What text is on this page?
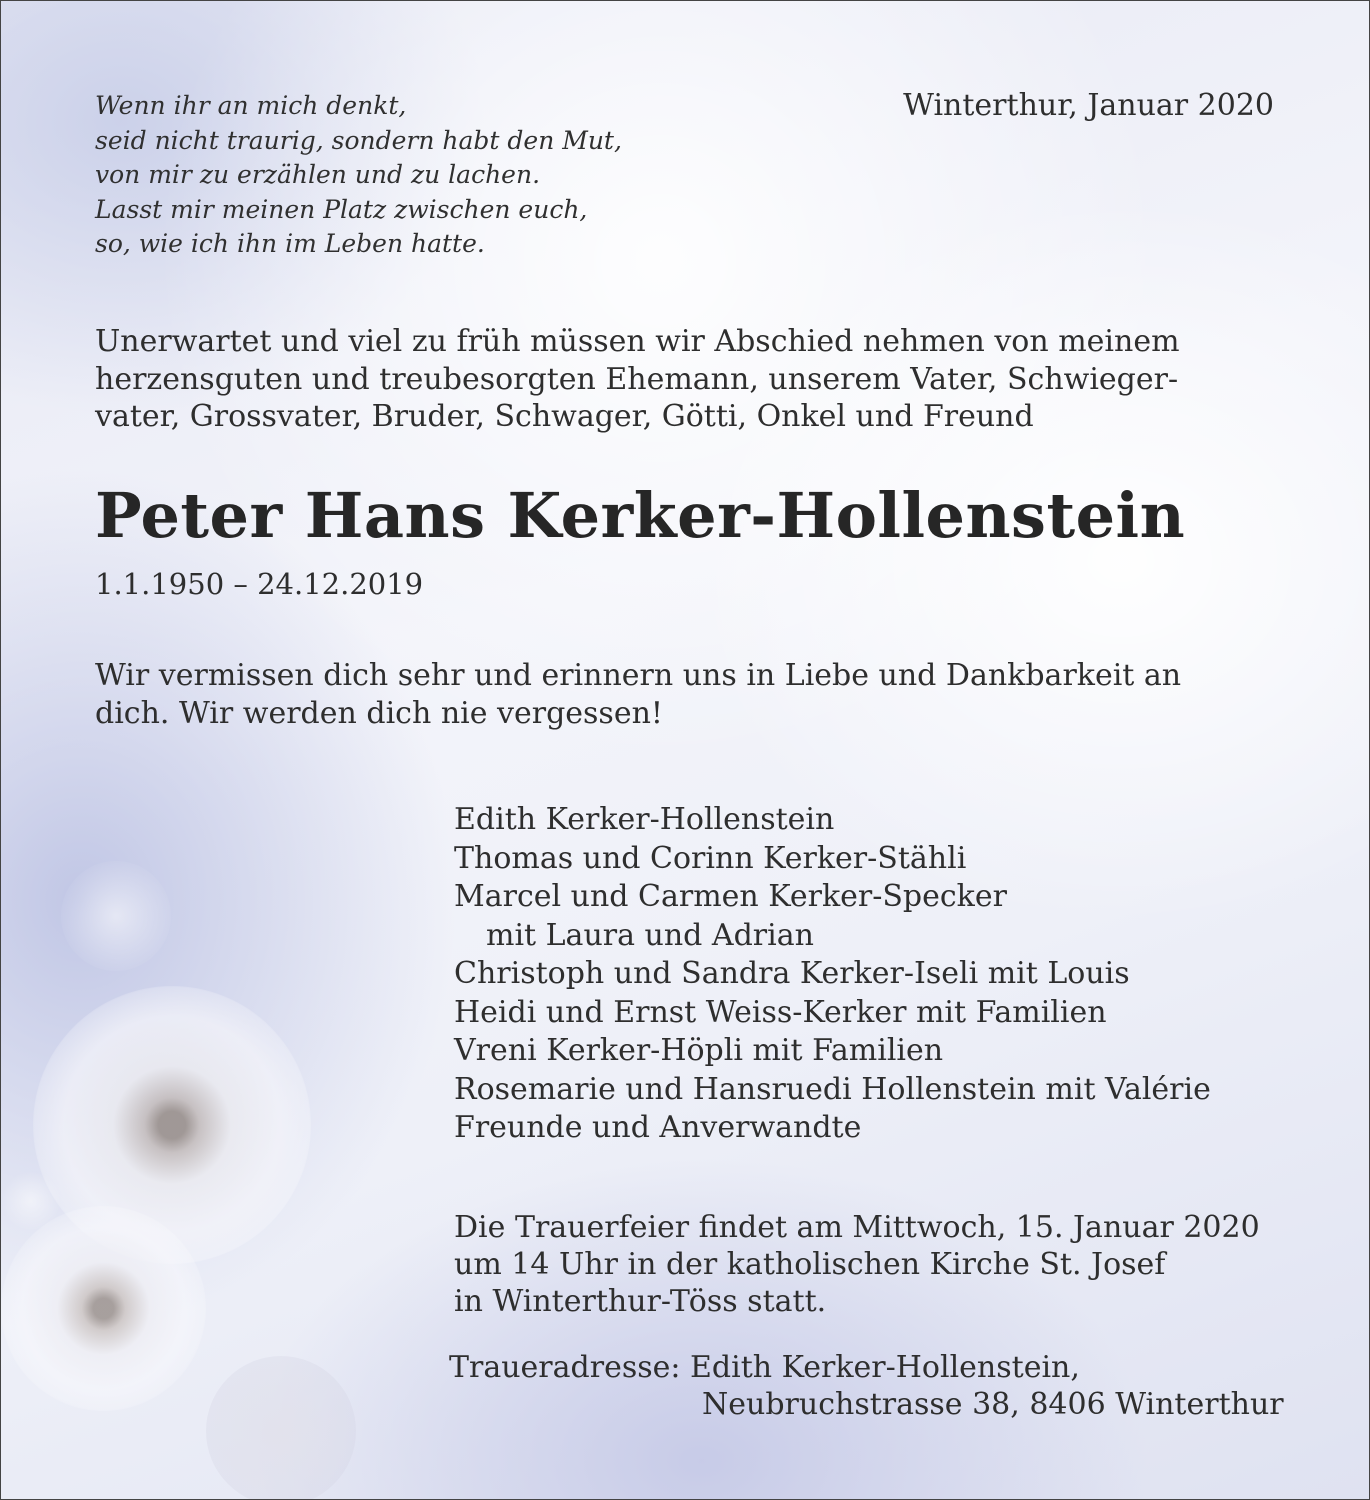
Wenn ihr an mich denkt,
seid nicht traurig, sondern habt den Mut,
von mir zu erzählen und zu lachen.
Lasst mir meinen Platz zwischen euch,
so, wie ich ihn im Leben hatte.
Winterthur, Januar 2020
Unerwartet und viel zu früh müssen wir Abschied nehmen von meinem
herzensguten und treubesorgten Ehemann, unserem Vater, Schwieger-
vater, Grossvater, Bruder, Schwager, Götti, Onkel und Freund
Peter Hans Kerker-Hollenstein
1.1.1950 – 24.12.2019
Wir vermissen dich sehr und erinnern uns in Liebe und Dankbarkeit an
dich. Wir werden dich nie vergessen!
Edith Kerker-Hollenstein
Thomas und Corinn Kerker-Stähli
Marcel und Carmen Kerker-Specker
mit Laura und Adrian
Christoph und Sandra Kerker-Iseli mit Louis
Heidi und Ernst Weiss-Kerker mit Familien
Vreni Kerker-Höpli mit Familien
Rosemarie und Hansruedi Hollenstein mit Valérie
Freunde und Anverwandte
Die Trauerfeier findet am Mittwoch, 15. Januar 2020
um 14 Uhr in der katholischen Kirche St. Josef
in Winterthur-Töss statt.
Traueradresse: Edith Kerker-Hollenstein,
Neubruchstrasse 38, 8406 Winterthur
